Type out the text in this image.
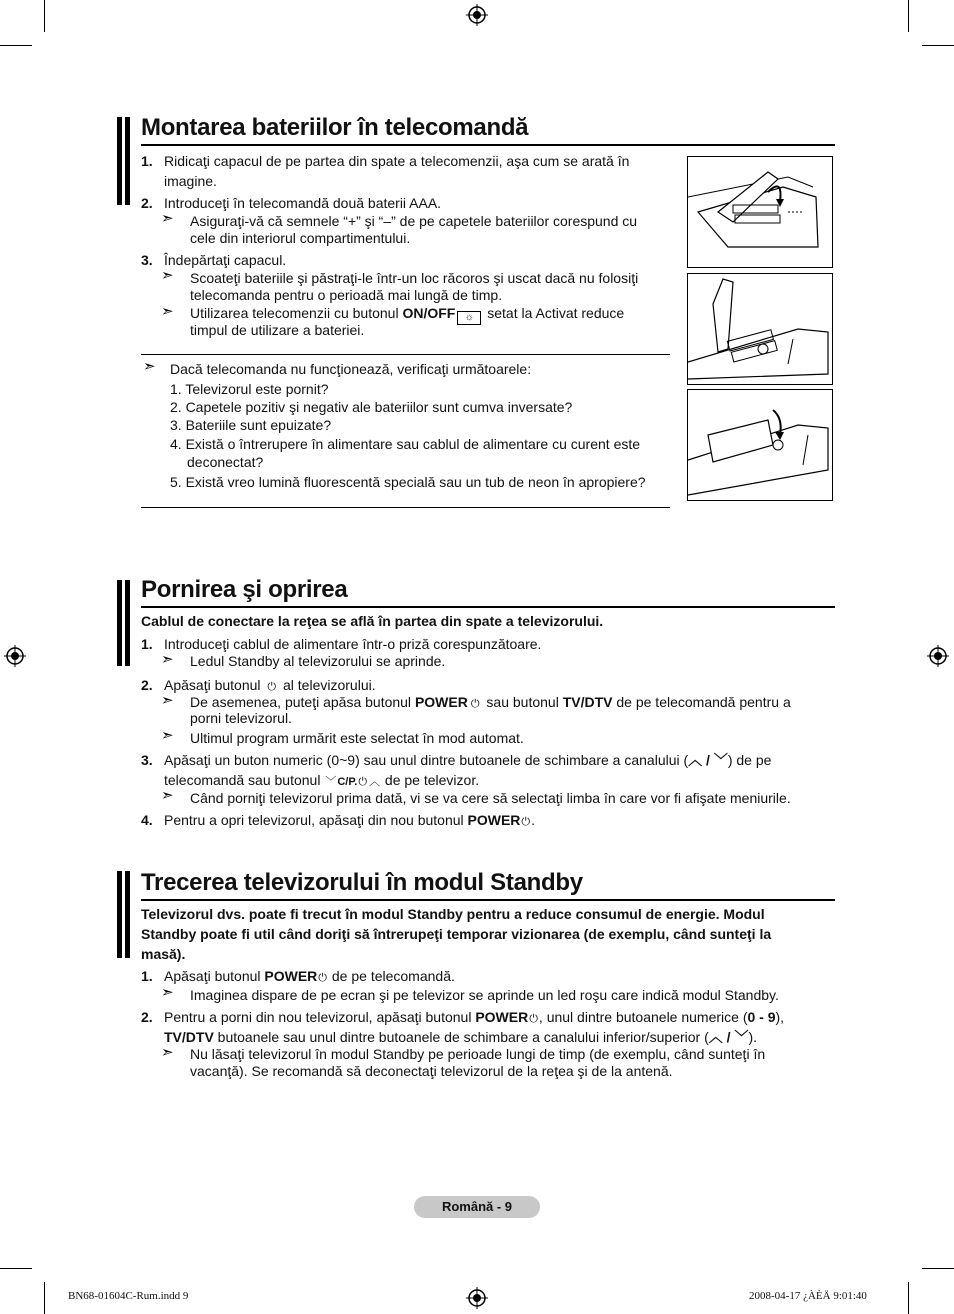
Montarea bateriilor în telecomandă
1. Ridicaţi capacul de pe partea din spate a telecomenzii, aşa cum se arată în
imagine.
2. Introduceţi în telecomandă două baterii AAA.
➣ Asiguraţi-vă că semnele “+” şi “–” de pe capetele bateriilor corespund cu
cele din interiorul compartimentului.
3. Îndepărtaţi capacul.
➣ Scoateţi bateriile şi păstraţi-le într-un loc răcoros şi uscat dacă nu folosiţi
telecomanda pentru o perioadă mai lungă de timp.
➣ Utilizarea telecomenzii cu butonul ON/OFF ☼ setat la Activat reduce
timpul de utilizare a bateriei.
➣ Dacă telecomanda nu funcţionează, verificaţi următoarele:
1. Televizorul este pornit?
2. Capetele pozitiv şi negativ ale bateriilor sunt cumva inversate?
3. Bateriile sunt epuizate?
4. Există o întrerupere în alimentare sau cablul de alimentare cu curent este
deconectat?
5. Există vreo lumină fluorescentă specială sau un tub de neon în apropiere?
Pornirea şi oprirea
Cablul de conectare la reţea se află în partea din spate a televizorului.
1. Introduceţi cablul de alimentare într-o priză corespunzătoare.
➣ Ledul Standby al televizorului se aprinde.
2. Apăsaţi butonul ⏻ al televizorului.
➣ De asemenea, puteţi apăsa butonul POWER ⏻ sau butonul TV/DTV de pe telecomandă pentru a
porni televizorul.
➣ Ultimul program urmărit este selectat în mod automat.
3. Apăsaţi un buton numeric (0~9) sau unul dintre butoanele de schimbare a canalului (︿ / ﹀) de pe
telecomandă sau butonul ﹀C/P.⏻ ︿ de pe televizor.
➣ Când porniţi televizorul prima dată, vi se va cere să selectaţi limba în care vor fi afişate meniurile.
4. Pentru a opri televizorul, apăsaţi din nou butonul POWER⏻.
Trecerea televizorului în modul Standby
Televizorul dvs. poate fi trecut în modul Standby pentru a reduce consumul de energie. Modul
Standby poate fi util când doriţi să întrerupeţi temporar vizionarea (de exemplu, când sunteţi la
masă).
1. Apăsaţi butonul POWER⏻ de pe telecomandă.
➣ Imaginea dispare de pe ecran şi pe televizor se aprinde un led roşu care indică modul Standby.
2. Pentru a porni din nou televizorul, apăsaţi butonul POWER⏻, unul dintre butoanele numerice (0 - 9),
TV/DTV butoanele sau unul dintre butoanele de schimbare a canalului inferior/superior (︿ / ﹀).
➣ Nu lăsaţi televizorul în modul Standby pe perioade lungi de timp (de exemplu, când sunteţi în
vacanţă). Se recomandă să deconectaţi televizorul de la reţea şi de la antenă.
Română - 9
BN68-01604C-Rum.indd 9	2008-04-17 ¿ÀÈÄ 9:01:40
